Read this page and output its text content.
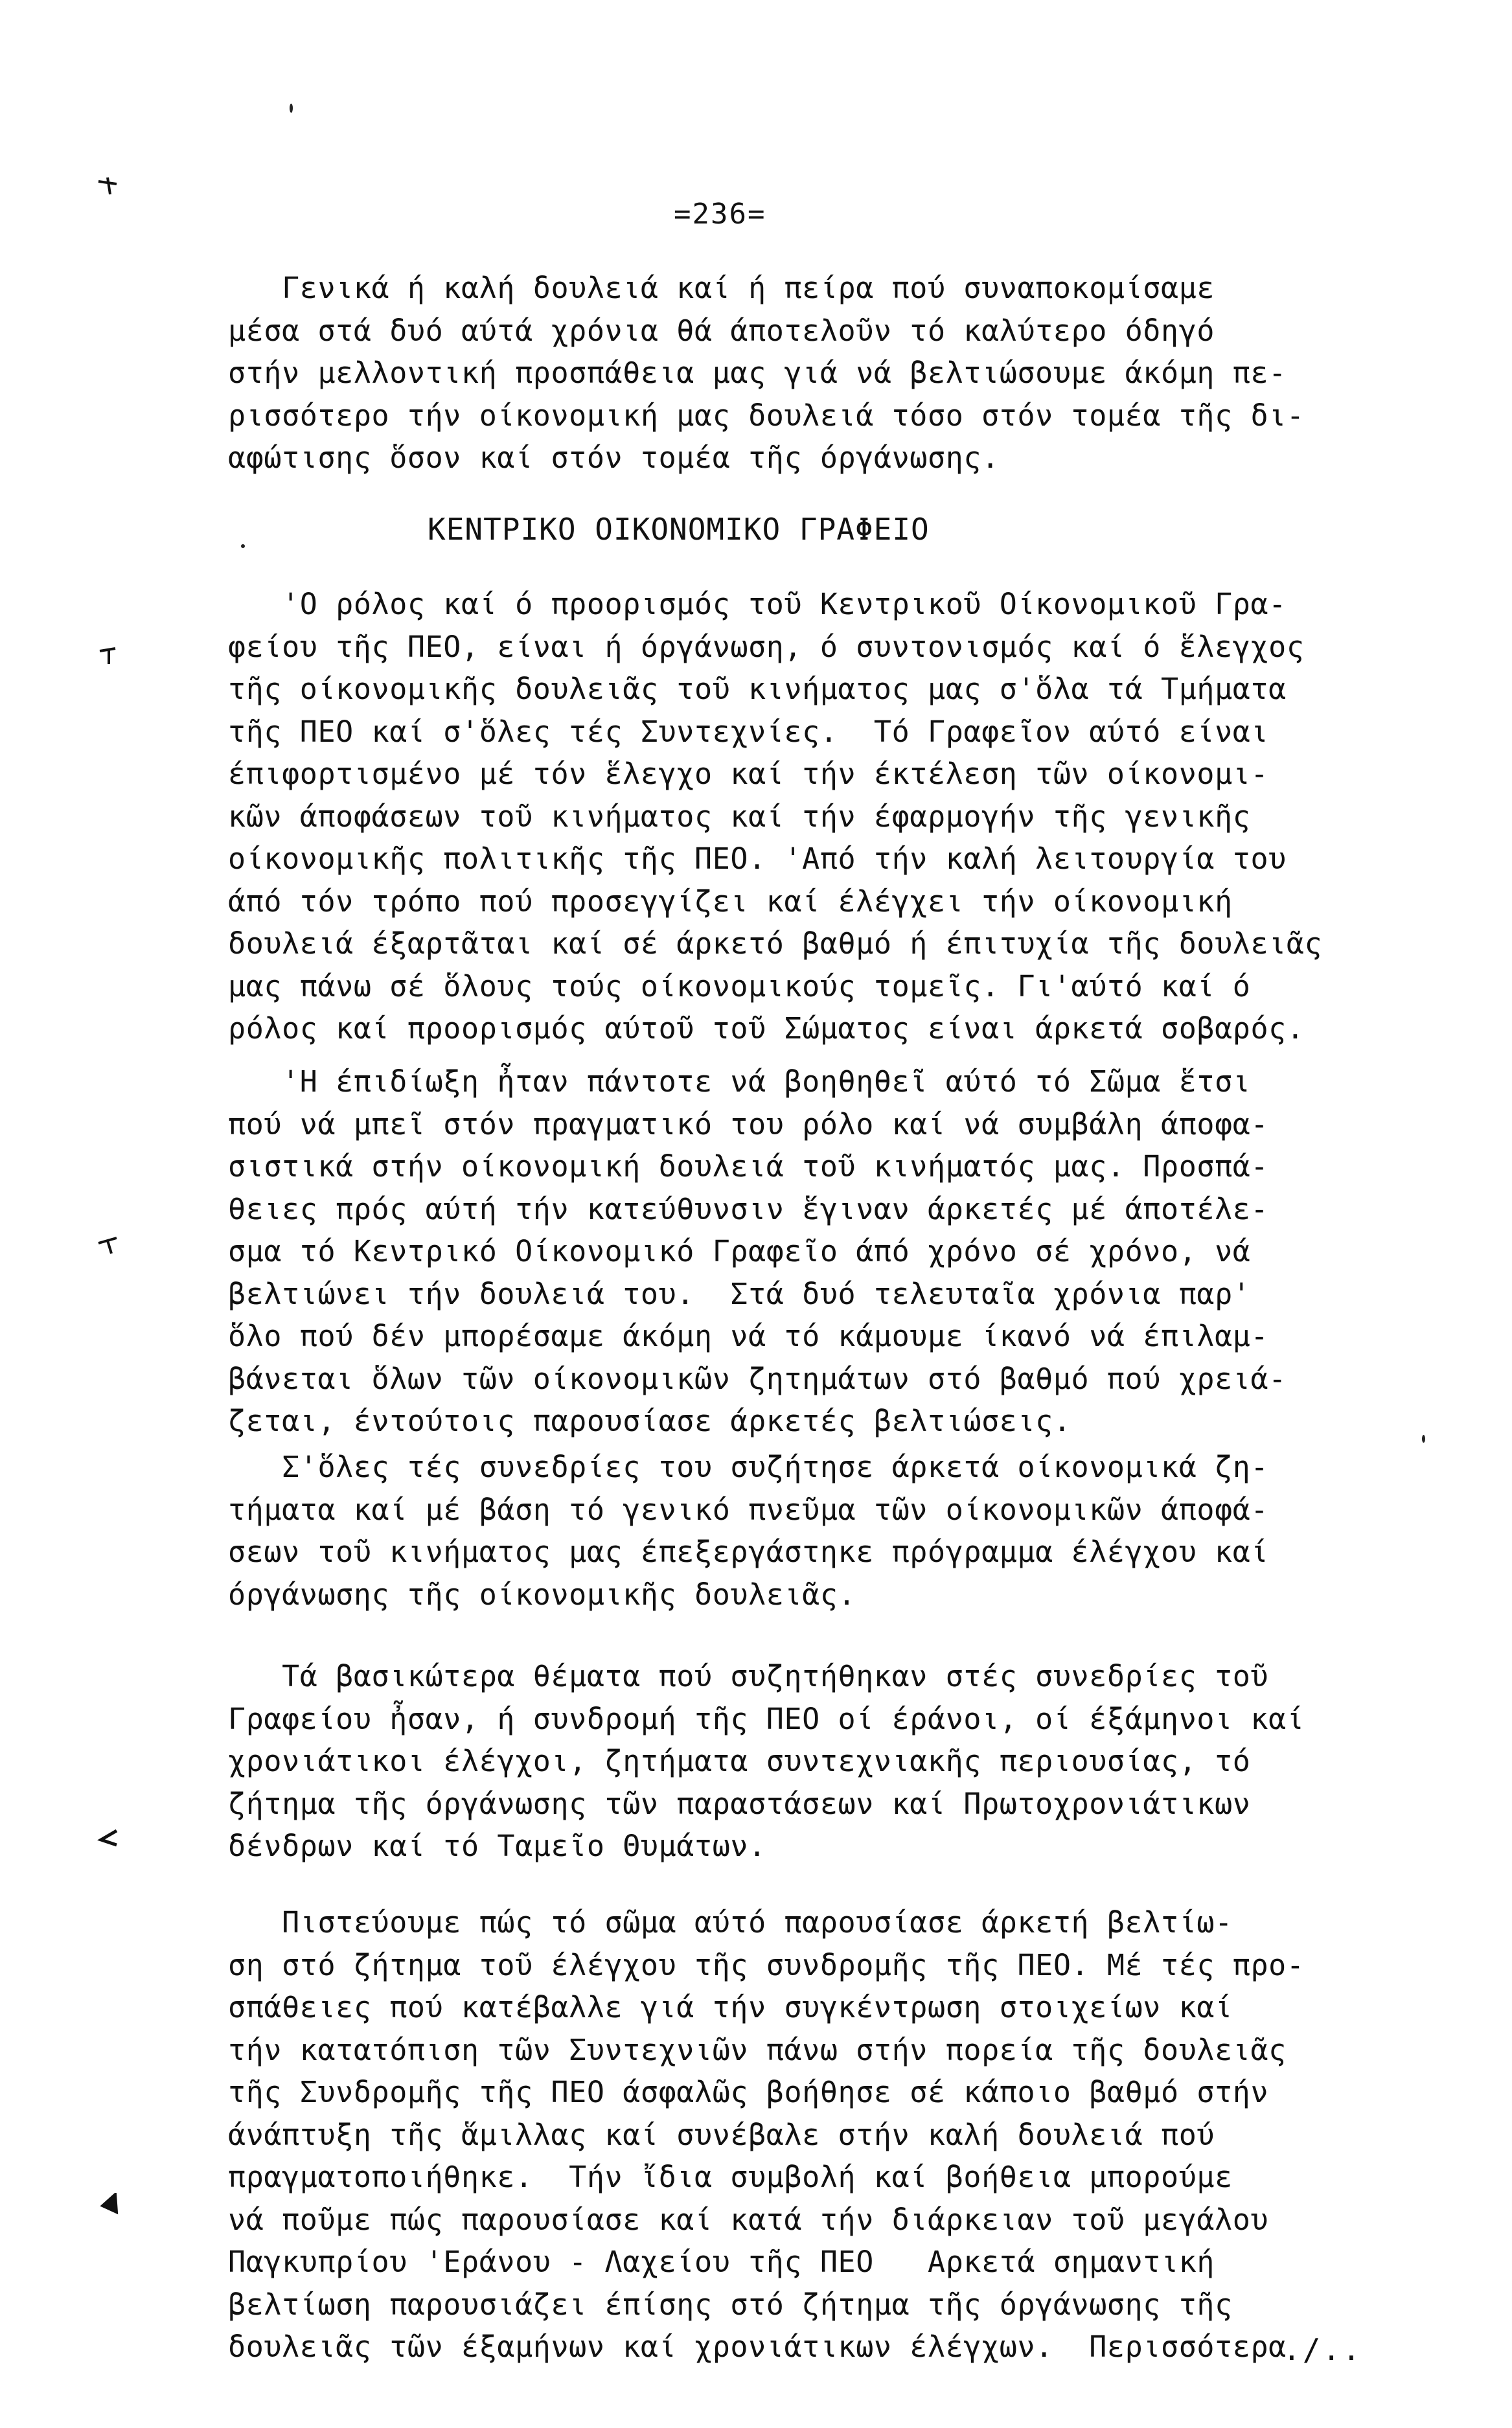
=236=
Γενικά ή καλή δουλειά καί ή πείρα πού συναποκομίσαμε
μέσα στά δυό αύτά χρόνια θά άποτελοῦν τό καλύτερο όδηγό
στήν μελλοντική προσπάθεια μας γιά νά βελτιώσουμε άκόμη πε-
ρισσότερο τήν οίκονομική μας δουλειά τόσο στόν τομέα τῆς δι-
αφώτισης ὅσον καί στόν τομέα τῆς όργάνωσης.
ΚΕΝΤΡΙΚΟ ΟΙΚΟΝΟΜΙΚΟ ΓΡΑΦΕΙΟ
'Ο ρόλος καί ό προορισμός τοῦ Κεντρικοῦ Οίκονομικοῦ Γρα-
φείου τῆς ΠΕΟ, είναι ή όργάνωση, ό συντονισμός καί ό ἕλεγχος
τῆς οίκονομικῆς δουλειᾶς τοῦ κινήματος μας σ'ὅλα τά Τμήματα
τῆς ΠΕΟ καί σ'ὅλες τές Συντεχνίες.  Τό Γραφεῖον αύτό είναι
έπιφορτισμένο μέ τόν ἕλεγχο καί τήν έκτέλεση τῶν οίκονομι-
κῶν άποφάσεων τοῦ κινήματος καί τήν έφαρμογήν τῆς γενικῆς
οίκονομικῆς πολιτικῆς τῆς ΠΕΟ. 'Από τήν καλή λειτουργία του
άπό τόν τρόπο πού προσεγγίζει καί έλέγχει τήν οίκονομική
δουλειά έξαρτᾶται καί σέ άρκετό βαθμό ή έπιτυχία τῆς δουλειᾶς
μας πάνω σέ ὅλους τούς οίκονομικούς τομεῖς. Γι'αύτό καί ό
ρόλος καί προορισμός αύτοῦ τοῦ Σώματος είναι άρκετά σοβαρός.
'Η έπιδίωξη ἦταν πάντοτε νά βοηθηθεῖ αύτό τό Σῶμα ἕτσι
πού νά μπεῖ στόν πραγματικό του ρόλο καί νά συμβάλη άποφα-
σιστικά στήν οίκονομική δουλειά τοῦ κινήματός μας. Προσπά-
θειες πρός αύτή τήν κατεύθυνσιν ἕγιναν άρκετές μέ άποτέλε-
σμα τό Κεντρικό Οίκονομικό Γραφεῖο άπό χρόνο σέ χρόνο, νά
βελτιώνει τήν δουλειά του.  Στά δυό τελευταῖα χρόνια παρ'
ὅλο πού δέν μπορέσαμε άκόμη νά τό κάμουμε ίκανό νά έπιλαμ-
βάνεται ὅλων τῶν οίκονομικῶν ζητημάτων στό βαθμό πού χρειά-
ζεται, έντούτοις παρουσίασε άρκετές βελτιώσεις.
Σ'ὅλες τές συνεδρίες του συζήτησε άρκετά οίκονομικά ζη-
τήματα καί μέ βάση τό γενικό πνεῦμα τῶν οίκονομικῶν άποφά-
σεων τοῦ κινήματος μας έπεξεργάστηκε πρόγραμμα έλέγχου καί
όργάνωσης τῆς οίκονομικῆς δουλειᾶς.
Τά βασικώτερα θέματα πού συζητήθηκαν στές συνεδρίες τοῦ
Γραφείου ἦσαν, ή συνδρομή τῆς ΠΕΟ οί έράνοι, οί έξάμηνοι καί
χρονιάτικοι έλέγχοι, ζητήματα συντεχνιακῆς περιουσίας, τό
ζήτημα τῆς όργάνωσης τῶν παραστάσεων καί Πρωτοχρονιάτικων
δένδρων καί τό Ταμεῖο Θυμάτων.
Πιστεύουμε πώς τό σῶμα αύτό παρουσίασε άρκετή βελτίω-
ση στό ζήτημα τοῦ έλέγχου τῆς συνδρομῆς τῆς ΠΕΟ. Μέ τές προ-
σπάθειες πού κατέβαλλε γιά τήν συγκέντρωση στοιχείων καί
τήν κατατόπιση τῶν Συντεχνιῶν πάνω στήν πορεία τῆς δουλειᾶς
τῆς Συνδρομῆς τῆς ΠΕΟ άσφαλῶς βοήθησε σέ κάποιο βαθμό στήν
άνάπτυξη τῆς ἅμιλλας καί συνέβαλε στήν καλή δουλειά πού
πραγματοποιήθηκε.  Τήν ἴδια συμβολή καί βοήθεια μπορούμε
νά ποῦμε πώς παρουσίασε καί κατά τήν διάρκειαν τοῦ μεγάλου
Παγκυπρίου 'Εράνου - Λαχείου τῆς ΠΕΟ   Αρκετά σημαντική
βελτίωση παρουσιάζει έπίσης στό ζήτημα τῆς όργάνωσης τῆς
δουλειᾶς τῶν έξαμήνων καί χρονιάτικων έλέγχων.  Περισσότερα
./..
